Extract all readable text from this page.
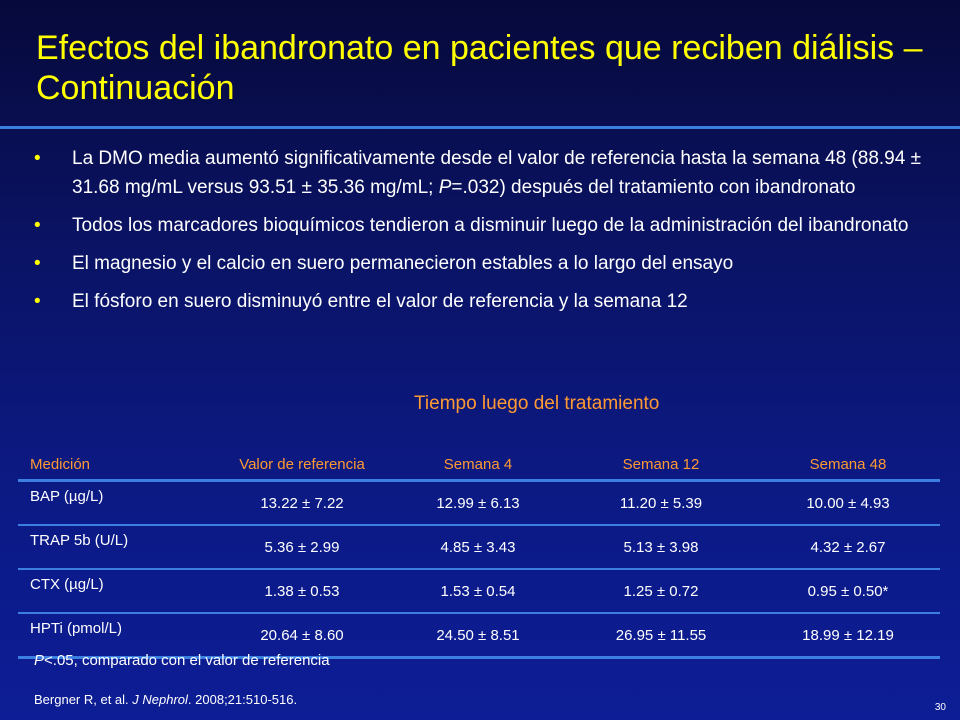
Efectos del ibandronato en pacientes que reciben diálisis – Continuación
• La DMO media aumentó significativamente desde el valor de referencia hasta la semana 48 (88.94 ± 31.68 mg/mL versus 93.51 ± 35.36 mg/mL; P=.032) después del tratamiento con ibandronato
• Todos los marcadores bioquímicos tendieron a disminuir luego de la administración del ibandronato
• El magnesio y el calcio en suero permanecieron estables a lo largo del ensayo
• El fósforo en suero disminuyó entre el valor de referencia y la semana 12
Tiempo luego del tratamiento
Medición	Valor de referencia	Semana 4	Semana 12	Semana 48
BAP (µg/L)	13.22 ± 7.22	12.99 ± 6.13	11.20 ± 5.39	10.00 ± 4.93
TRAP 5b (U/L)	5.36 ± 2.99	4.85 ± 3.43	5.13 ± 3.98	4.32 ± 2.67
CTX (µg/L)	1.38 ± 0.53	1.53 ± 0.54	1.25 ± 0.72	0.95 ± 0.50*
HPTi (pmol/L)	20.64 ± 8.60	24.50 ± 8.51	26.95 ± 11.55	18.99 ± 12.19
P<.05, comparado con el valor de referencia
Bergner R, et al. J Nephrol. 2008;21:510-516.
30
